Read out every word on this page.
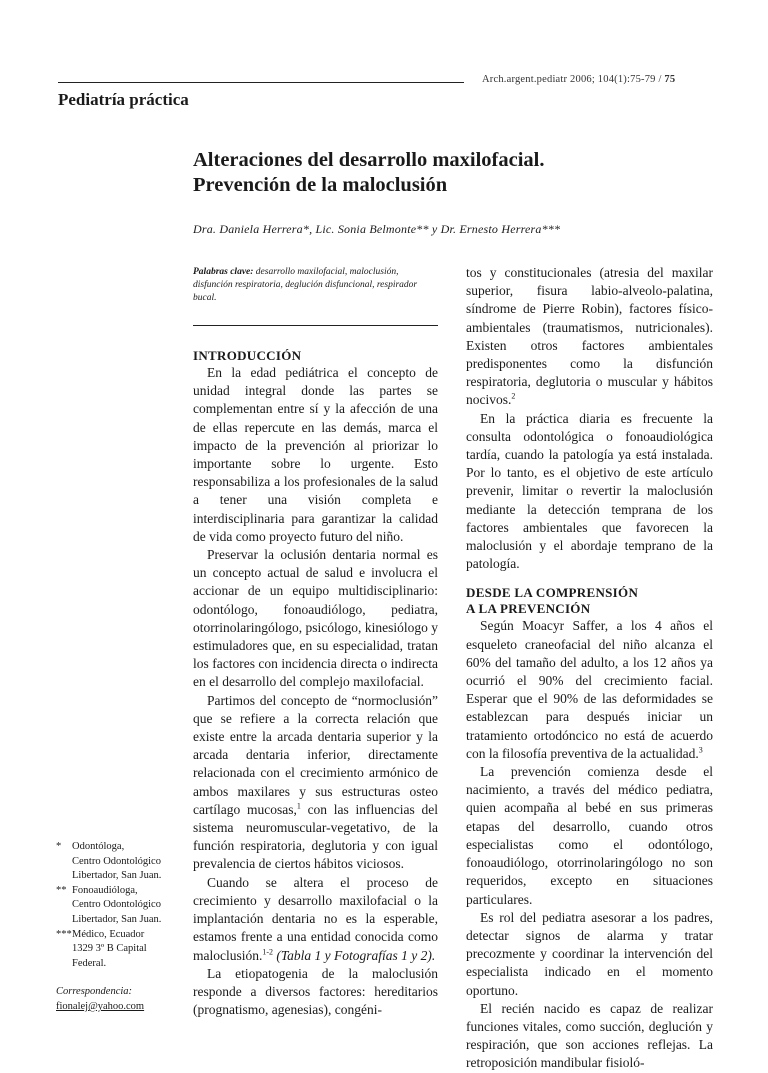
Arch.argent.pediatr 2006; 104(1):75-79 / 75
Pediatría práctica
Alteraciones del desarrollo maxilofacial.
Prevención de la maloclusión
Dra. Daniela Herrera*, Lic. Sonia Belmonte** y Dr. Ernesto Herrera***
Palabras clave: desarrollo maxilofacial, maloclusión, disfunción respiratoria, deglución disfuncional, respirador bucal.
INTRODUCCIÓN

En la edad pediátrica el concepto de unidad integral donde las partes se complementan entre sí y la afección de una de ellas repercute en las demás, marca el impacto de la prevención al priorizar lo importante sobre lo urgente. Esto responsabiliza a los profesionales de la salud a tener una visión completa e interdisciplinaria para garantizar la calidad de vida como proyecto futuro del niño.

Preservar la oclusión dentaria normal es un concepto actual de salud e involucra el accionar de un equipo multidisciplinario: odontólogo, fonoaudiólogo, pediatra, otorrinolaringólogo, psicólogo, kinesiólogo y estimuladores que, en su especialidad, tratan los factores con incidencia directa o indirecta en el desarrollo del complejo maxilofacial.

Partimos del concepto de “normoclusión” que se refiere a la correcta relación que existe entre la arcada dentaria superior y la arcada dentaria inferior, directamente relacionada con el crecimiento armónico de ambos maxilares y sus estructuras osteo cartílago mucosas,$^1$ con las influencias del sistema neuromuscular-vegetativo, de la función respiratoria, deglutoria y con igual prevalencia de ciertos hábitos viciosos.

Cuando se altera el proceso de crecimiento y desarrollo maxilofacial o la implantación dentaria no es la esperable, estamos frente a una entidad conocida como maloclusión.$^{1-2}$ (Tabla 1 y Fotografías 1 y 2).

La etiopatogenia de la maloclusión responde a diversos factores: hereditarios (prognatismo, agenesias), congéni-

tos y constitucionales (atresia del maxilar superior, fisura labio-alveolo-palatina, síndrome de Pierre Robin), factores físico-ambientales (traumatismos, nutricionales). Existen otros factores ambientales predisponentes como la disfunción respiratoria, deglutoria o muscular y hábitos nocivos.$^2$

En la práctica diaria es frecuente la consulta odontológica o fonoaudiológica tardía, cuando la patología ya está instalada. Por lo tanto, es el objetivo de este artículo prevenir, limitar o revertir la maloclusión mediante la detección temprana de los factores ambientales que favorecen la maloclusión y el abordaje temprano de la patología.

DESDE LA COMPRENSIÓN
A LA PREVENCIÓN

Según Moacyr Saffer, a los 4 años el esqueleto craneofacial del niño alcanza el 60% del tamaño del adulto, a los 12 años ya ocurrió el 90% del crecimiento facial. Esperar que el 90% de las deformidades se establezcan para después iniciar un tratamiento ortodóncico no está de acuerdo con la filosofía preventiva de la actualidad.$^3$

La prevención comienza desde el nacimiento, a través del médico pediatra, quien acompaña al bebé en sus primeras etapas del desarrollo, cuando otros especialistas como el odontólogo, fonoaudiólogo, otorrinolaringólogo no son requeridos, excepto en situaciones particulares.

Es rol del pediatra asesorar a los padres, detectar signos de alarma y tratar precozmente y coordinar la intervención del especialista indicado en el momento oportuno.

El recién nacido es capaz de realizar funciones vitales, como succión, deglución y respiración, que son acciones reflejas. La retroposición mandibular fisioló-

*	Odontóloga,
Centro Odontológico
Libertador, San Juan.
** Fonoaudióloga,
Centro Odontológico
Libertador, San Juan.
*** Médico, Ecuador
1329 3º B Capital
Federal.
Correspondencia:
fionalej@yahoo.com
